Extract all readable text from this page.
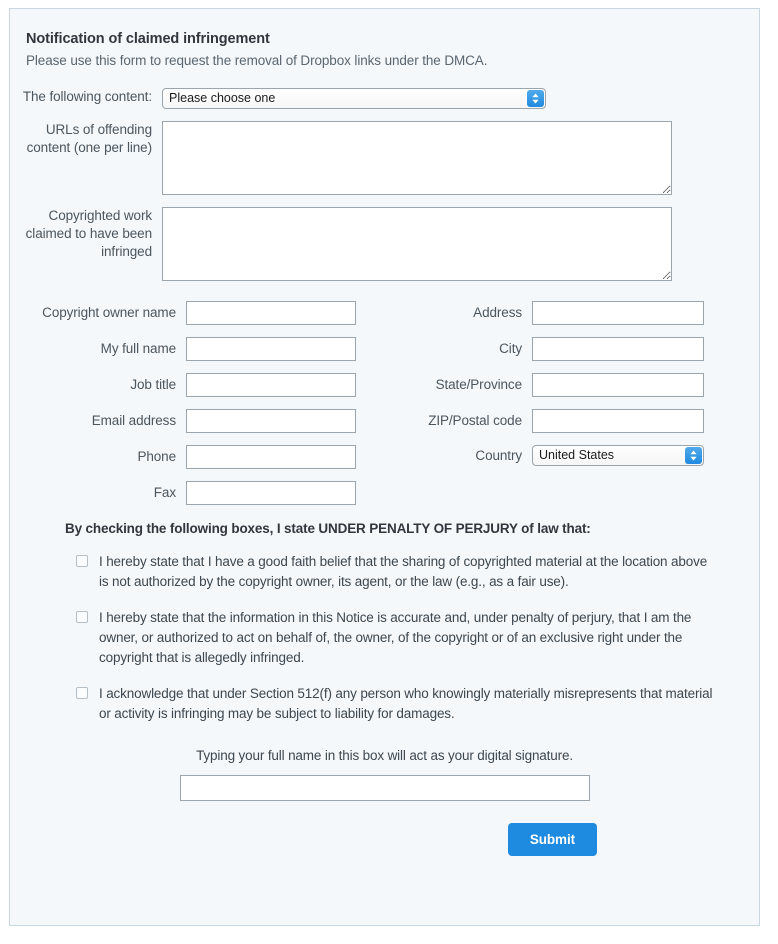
Notification of claimed infringement
Please use this form to request the removal of Dropbox links under the DMCA.
The following content:
Please choose one
URLs of offending
content (one per line)
Copyrighted work
claimed to have been
infringed
Copyright owner name
My full name
Job title
Email address
Phone
Fax
Address
City
State/Province
ZIP/Postal code
Country
United States
By checking the following boxes, I state UNDER PENALTY OF PERJURY of law that:
I hereby state that I have a good faith belief that the sharing of copyrighted material at the location above is not authorized by the copyright owner, its agent, or the law (e.g., as a fair use).
I hereby state that the information in this Notice is accurate and, under penalty of perjury, that I am the owner, or authorized to act on behalf of, the owner, of the copyright or of an exclusive right under the copyright that is allegedly infringed.
I acknowledge that under Section 512(f) any person who knowingly materially misrepresents that material or activity is infringing may be subject to liability for damages.
Typing your full name in this box will act as your digital signature.
Submit
